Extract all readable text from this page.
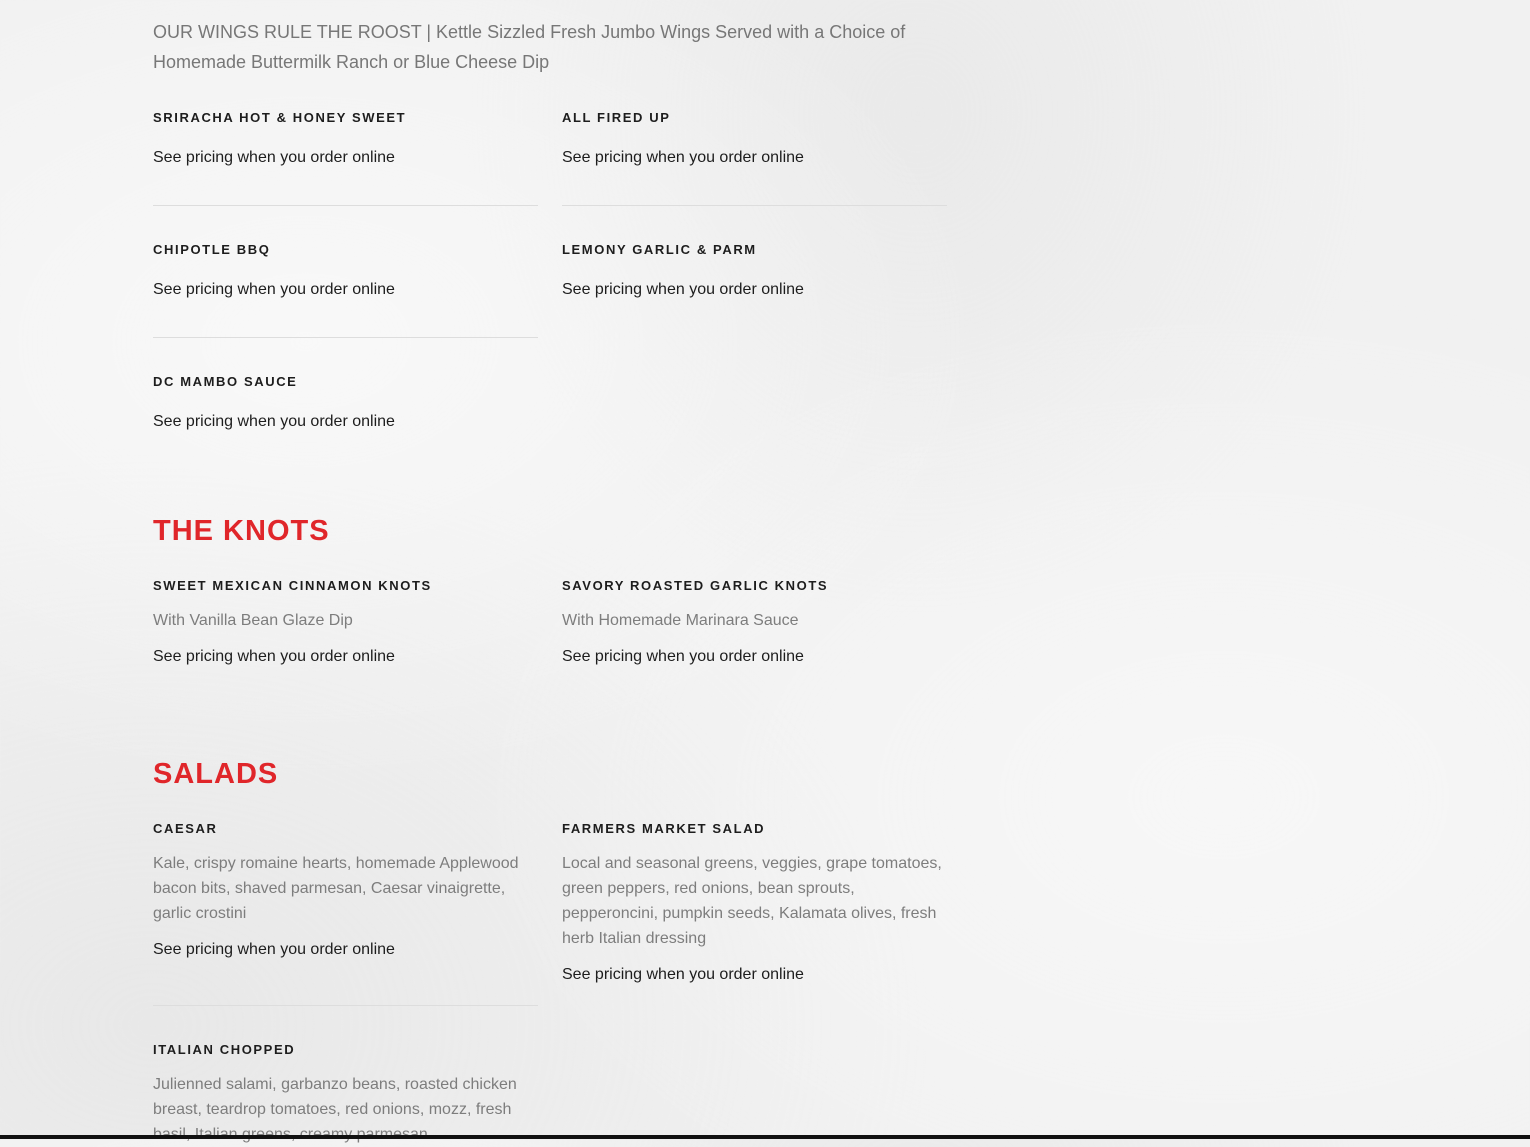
OUR WINGS RULE THE ROOST | Kettle Sizzled Fresh Jumbo Wings Served with a Choice of Homemade Buttermilk Ranch or Blue Cheese Dip

SRIRACHA HOT & HONEY SWEET

See pricing when you order online

ALL FIRED UP

See pricing when you order online

CHIPOTLE BBQ

See pricing when you order online

LEMONY GARLIC & PARM

See pricing when you order online

DC MAMBO SAUCE

See pricing when you order online

THE KNOTS
SWEET MEXICAN CINNAMON KNOTS

With Vanilla Bean Glaze Dip

See pricing when you order online

SAVORY ROASTED GARLIC KNOTS

With Homemade Marinara Sauce

See pricing when you order online

SALADS
CAESAR

Kale, crispy romaine hearts, homemade Applewood bacon bits, shaved parmesan, Caesar vinaigrette, garlic crostini

See pricing when you order online

FARMERS MARKET SALAD

Local and seasonal greens, veggies, grape tomatoes, green peppers, red onions, bean sprouts, pepperoncini, pumpkin seeds, Kalamata olives, fresh herb Italian dressing

See pricing when you order online

ITALIAN CHOPPED

Julienned salami, garbanzo beans, roasted chicken breast, teardrop tomatoes, red onions, mozz, fresh
